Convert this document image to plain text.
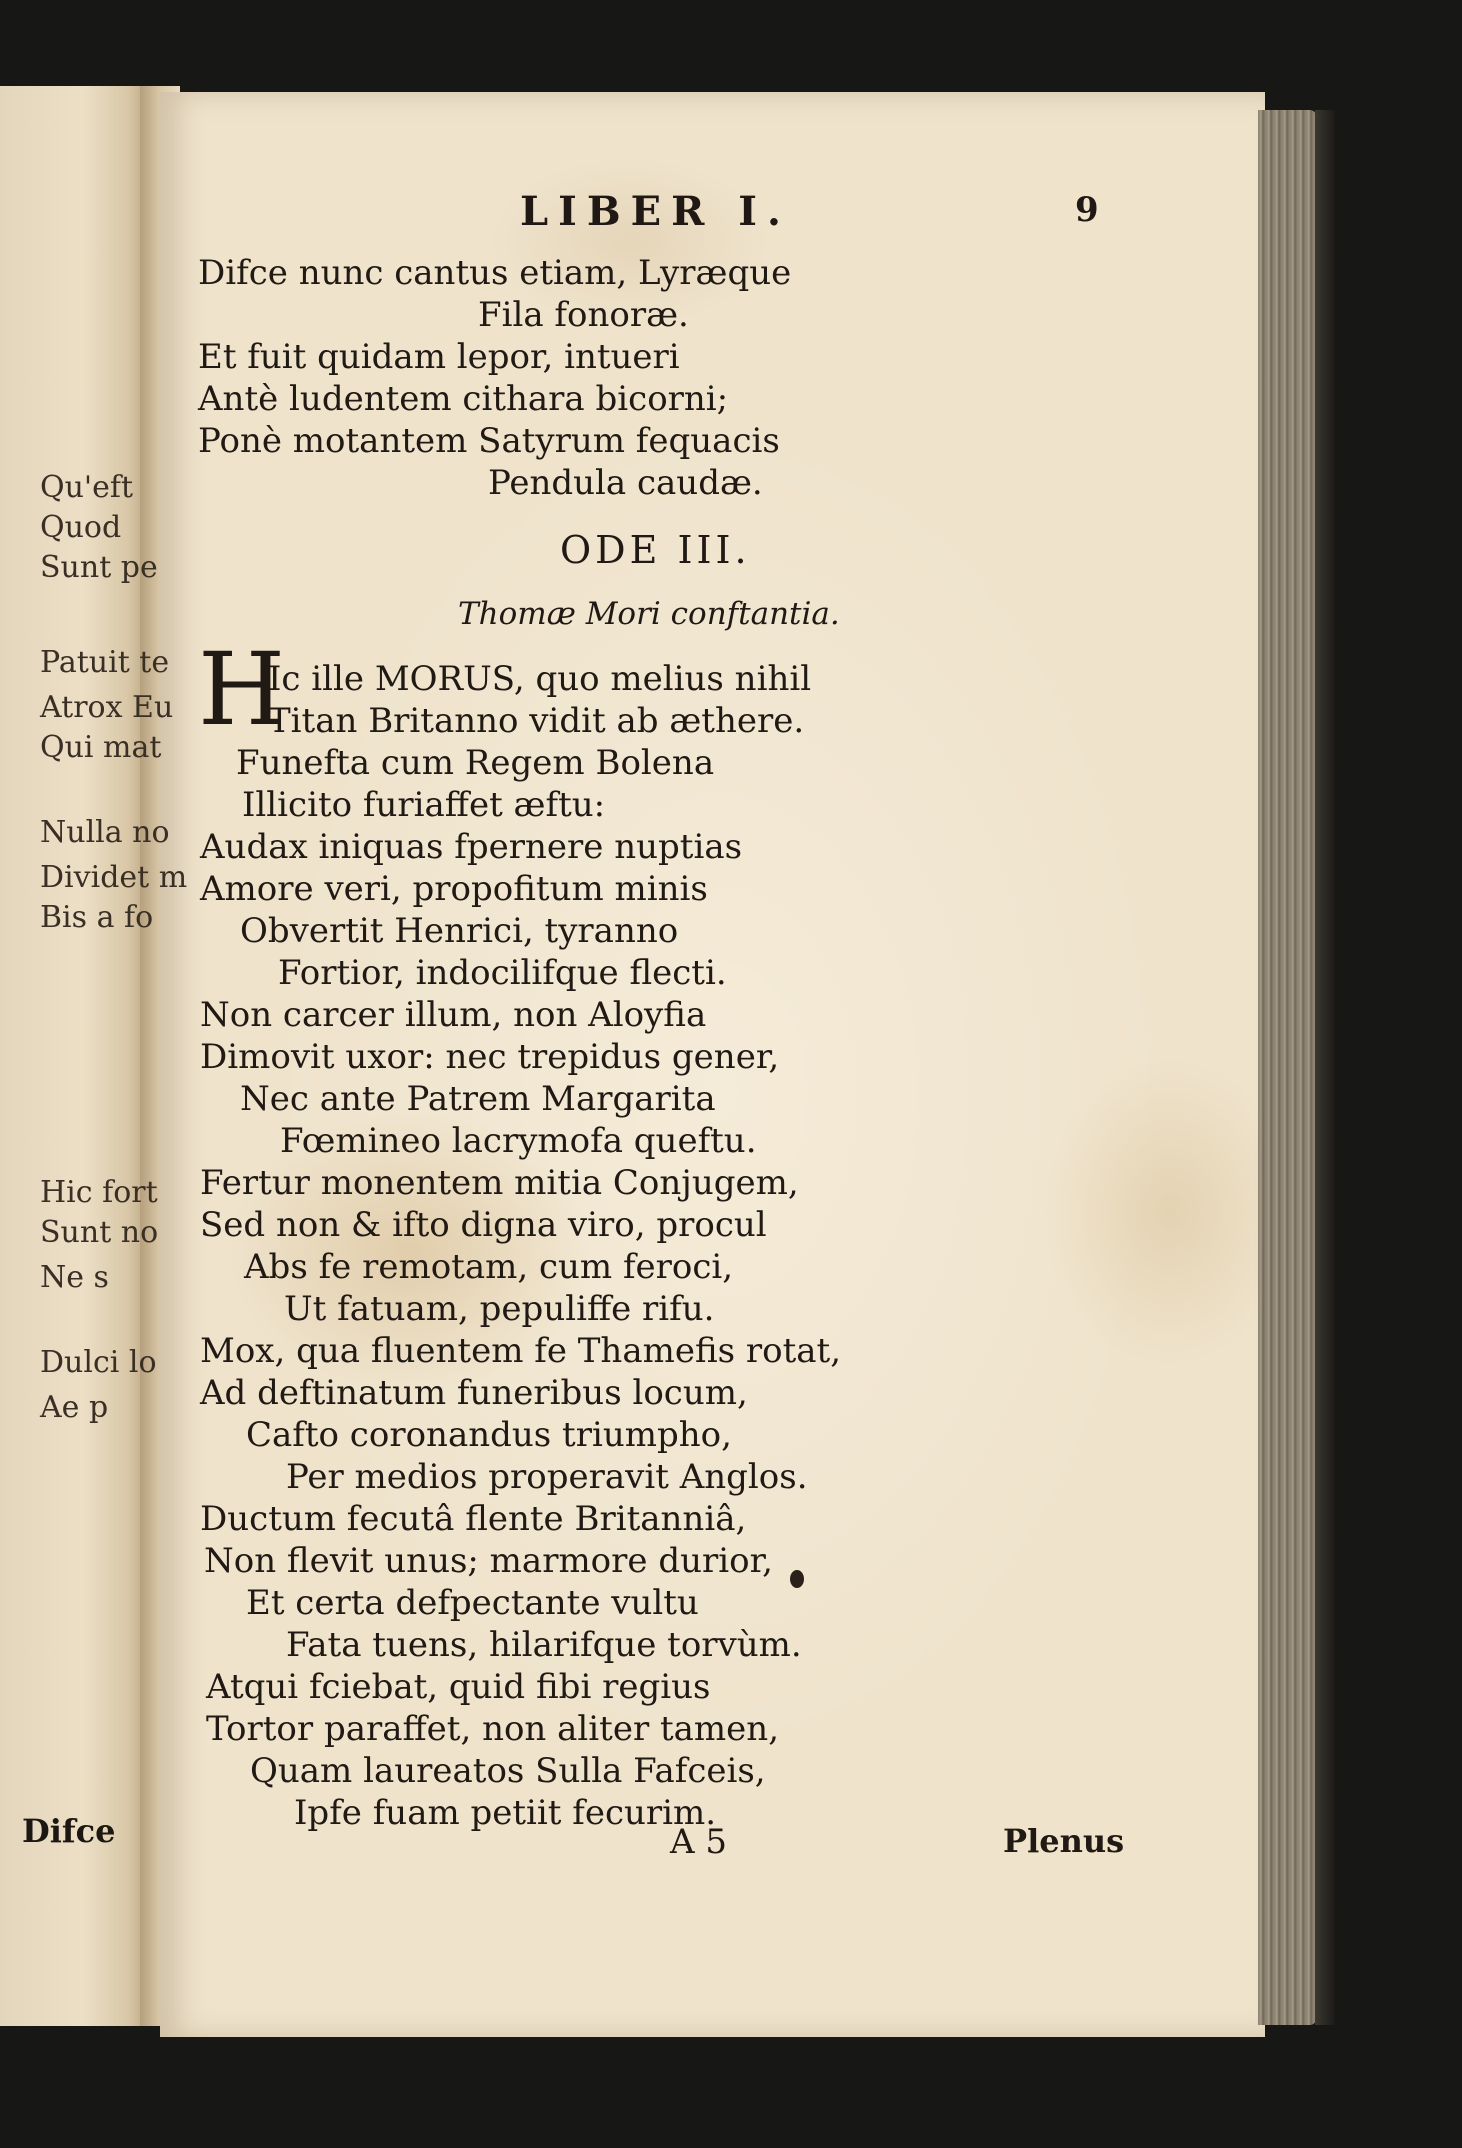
Qu'eft
Quod
Sunt pe
Patuit te
Atrox Eu
Qui mat
Nulla no
Dividet m
Bis a fo
Hic fort
Sunt no
Ne s
Dulci lo
Ae p
Difce
LIBER I.	9
Difce nunc cantus etiam, Lyræque
Fila fonoræ.
Et fuit quidam lepor, intueri
Antè ludentem cithara bicorni;
Ponè motantem Satyrum fequacis
Pendula caudæ.
ODE III.
Thomæ Mori conftantia.
H
Ic ille MORUS, quo melius nihil
Titan Britanno vidit ab æthere.
Funefta cum Regem Bolena
Illicito furiaffet æftu:
Audax iniquas fpernere nuptias
Amore veri, propofitum minis
Obvertit Henrici, tyranno
Fortior, indocilifque flecti.
Non carcer illum, non Aloyfia
Dimovit uxor: nec trepidus gener,
Nec ante Patrem Margarita
Fœmineo lacrymofa queftu.
Fertur monentem mitia Conjugem,
Sed non & ifto digna viro, procul
Abs fe remotam, cum feroci,
Ut fatuam, pepuliffe rifu.
Mox, qua fluentem fe Thamefis rotat,
Ad deftinatum funeribus locum,
Cafto coronandus triumpho,
Per medios properavit Anglos.
Ductum fecutâ flente Britanniâ,
Non flevit unus; marmore durior,
Et certa defpectante vultu
Fata tuens, hilarifque torvùm.
Atqui fciebat, quid fibi regius
Tortor paraffet, non aliter tamen,
Quam laureatos Sulla Fafceis,
Ipfe fuam petiit fecurim.
A 5	Plenus
